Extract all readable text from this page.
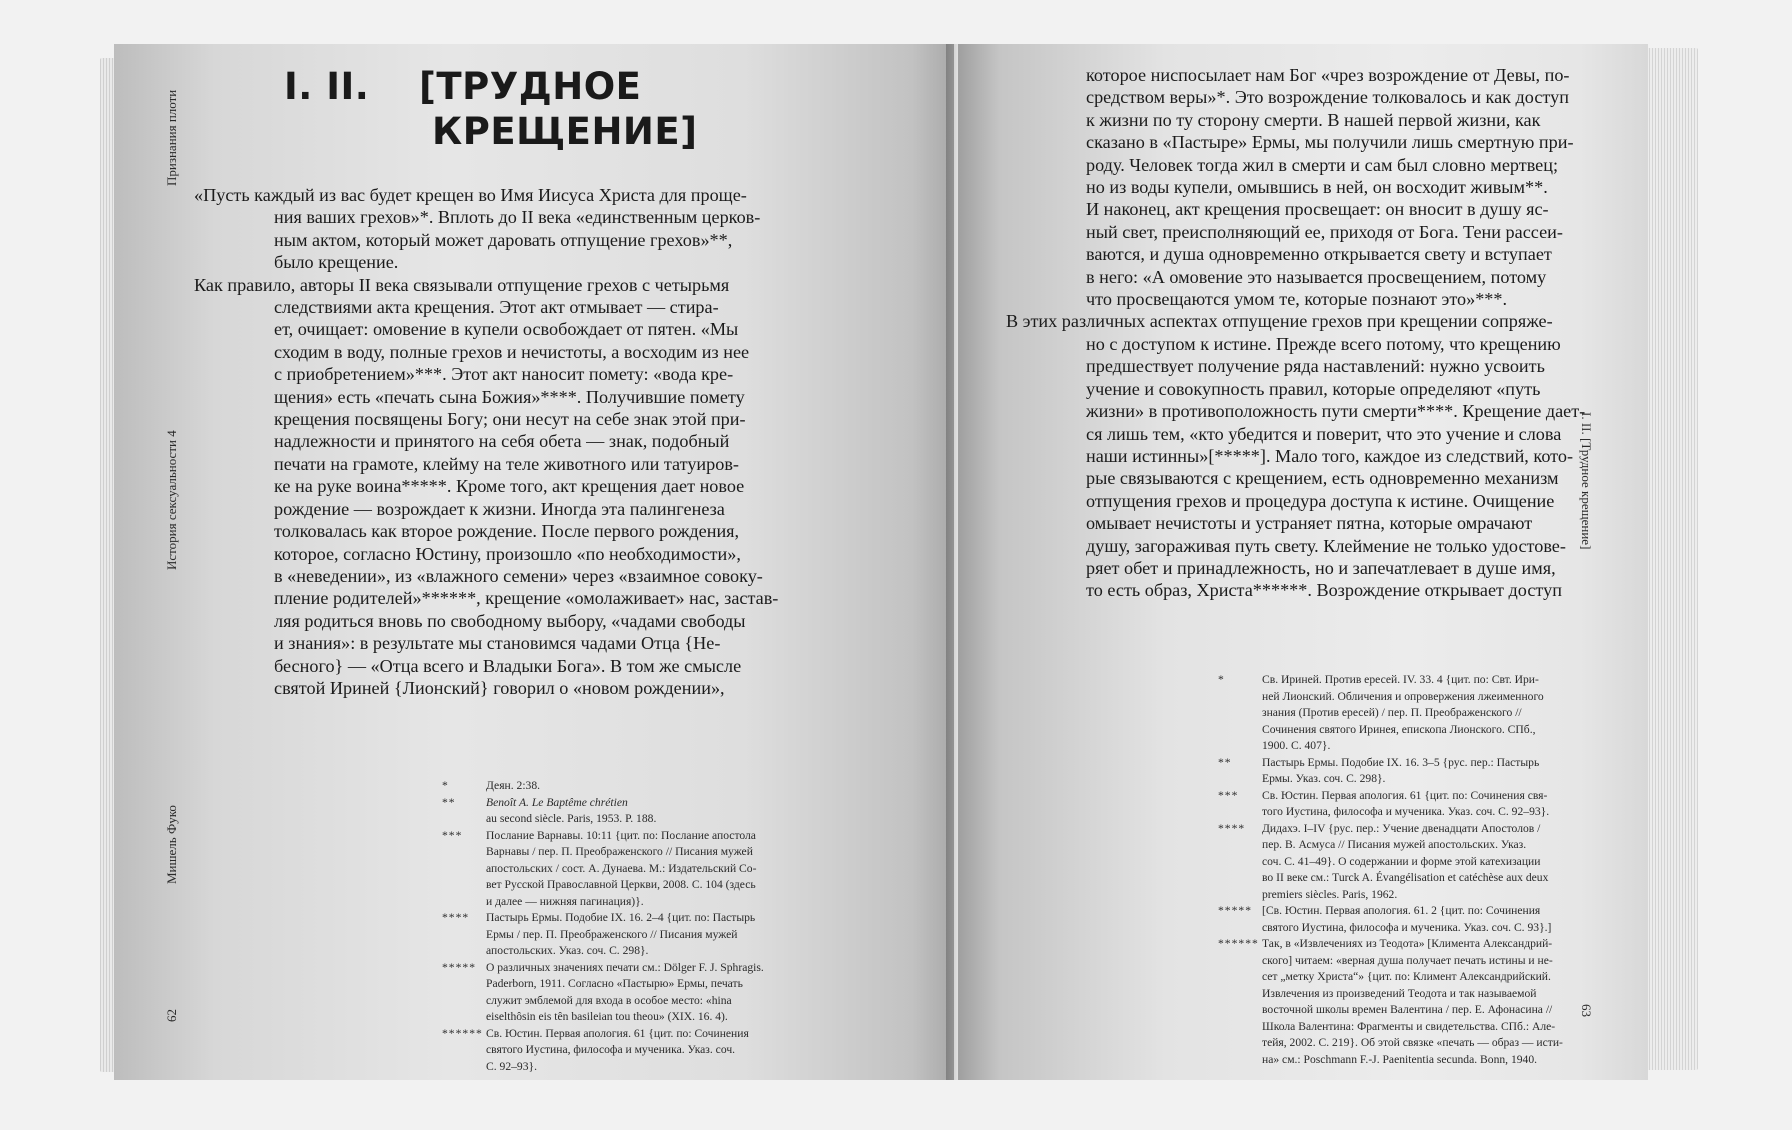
Признания плоти
История сексуальности 4
Мишель Фуко
62
I. II. [ТРУДНОЕ
КРЕЩЕНИЕ]
«Пусть каждый из вас будет крещен во Имя Иисуса Христа для проще-
ния ваших грехов»*. Вплоть до II века «единственным церков-
ным актом, который может даровать отпущение грехов»**,
было крещение.
Как правило, авторы II века связывали отпущение грехов с четырьмя
следствиями акта крещения. Этот акт отмывает — стира-
ет, очищает: омовение в купели освобождает от пятен. «Мы
сходим в воду, полные грехов и нечистоты, а восходим из нее
с приобретением»***. Этот акт наносит помету: «вода кре-
щения» есть «печать сына Божия»****. Получившие помету
крещения посвящены Богу; они несут на себе знак этой при-
надлежности и принятого на себя обета — знак, подобный
печати на грамоте, клейму на теле животного или татуиров-
ке на руке воина*****. Кроме того, акт крещения дает новое
рождение — возрождает к жизни. Иногда эта палингенеза
толковалась как второе рождение. После первого рождения,
которое, согласно Юстину, произошло «по необходимости»,
в «неведении», из «влажного семени» через «взаимное совоку-
пление родителей»******, крещение «омолаживает» нас, застав-
ляя родиться вновь по свободному выбору, «чадами свободы
и знания»: в результате мы становимся чадами Отца {Не-
бесного} — «Отца всего и Владыки Бога». В том же смысле
святой Ириней {Лионский} говорил о «новом рождении»,
*	Деян. 2:38.
**	Benoît A. Le Baptême chrétien
au second siècle. Paris, 1953. P. 188.
***	Послание Варнавы. 10:11 {цит. по: Послание апостола
Варнавы / пер. П. Преображенского // Писания мужей
апостольских / сост. А. Дунаева. М.: Издательский Со-
вет Русской Православной Церкви, 2008. С. 104 (здесь
и далее — нижняя пагинация)}.
****	Пастырь Ермы. Подобие IX. 16. 2–4 {цит. по: Пастырь
Ермы / пер. П. Преображенского // Писания мужей
апостольских. Указ. соч. С. 298}.
***** О различных значениях печати см.: Dölger F. J. Sphragis.
Paderborn, 1911. Согласно «Пастырю» Ермы, печать
служит эмблемой для входа в особое место: «hina
eiselthôsin eis tên basileian tou theou» (XIX. 16. 4).
****** Св. Юстин. Первая апология. 61 {цит. по: Сочинения
святого Иустина, философа и мученика. Указ. соч.
С. 92–93}.
I. II. [Трудное крещение]
63
которое ниспосылает нам Бог «чрез возрождение от Девы, по-
средством веры»*. Это возрождение толковалось и как доступ
к жизни по ту сторону смерти. В нашей первой жизни, как
сказано в «Пастыре» Ермы, мы получили лишь смертную при-
роду. Человек тогда жил в смерти и сам был словно мертвец;
но из воды купели, омывшись в ней, он восходит живым**.
И наконец, акт крещения просвещает: он вносит в душу яс-
ный свет, преисполняющий ее, приходя от Бога. Тени рассеи-
ваются, и душа одновременно открывается свету и вступает
в него: «А омовение это называется просвещением, потому
что просвещаются умом те, которые познают это»***.
В этих различных аспектах отпущение грехов при крещении сопряже-
но с доступом к истине. Прежде всего потому, что крещению
предшествует получение ряда наставлений: нужно усвоить
учение и совокупность правил, которые определяют «путь
жизни» в противоположность пути смерти****. Крещение дает-
ся лишь тем, «кто убедится и поверит, что это учение и слова
наши истинны»[*****]. Мало того, каждое из следствий, кото-
рые связываются с крещением, есть одновременно механизм
отпущения грехов и процедура доступа к истине. Очищение
омывает нечистоты и устраняет пятна, которые омрачают
душу, загораживая путь свету. Клеймение не только удостове-
ряет обет и принадлежность, но и запечатлевает в душе имя,
то есть образ, Христа******. Возрождение открывает доступ
*	Св. Ириней. Против ересей. IV. 33. 4 {цит. по: Свт. Ири-
ней Лионский. Обличения и опровержения лжеименного
знания (Против ересей) / пер. П. Преображенского //
Сочинения святого Иринея, епископа Лионского. СПб.,
1900. С. 407}.
**	Пастырь Ермы. Подобие IX. 16. 3–5 {рус. пер.: Пастырь
Ермы. Указ. соч. С. 298}.
***	Св. Юстин. Первая апология. 61 {цит. по: Сочинения свя-
того Иустина, философа и мученика. Указ. соч. С. 92–93}.
****	Дидахэ. I–IV {рус. пер.: Учение двенадцати Апостолов /
пер. В. Асмуса // Писания мужей апостольских. Указ.
соч. С. 41–49}. О содержании и форме этой катехизации
во II веке см.: Turck A. Évangélisation et catéchèse aux deux
premiers siècles. Paris, 1962.
***** [Св. Юстин. Первая апология. 61. 2 {цит. по: Сочинения
святого Иустина, философа и мученика. Указ. соч. С. 93}.]
****** Так, в «Извлечениях из Теодота» [Климента Александрий-
ского] читаем: «верная душа получает печать истины и не-
сет „метку Христа“» {цит. по: Климент Александрийский.
Извлечения из произведений Теодота и так называемой
восточной школы времен Валентина / пер. Е. Афонасина //
Школа Валентина: Фрагменты и свидетельства. СПб.: Але-
тейя, 2002. С. 219}. Об этой связке «печать — образ — исти-
на» см.: Poschmann F.-J. Paenitentia secunda. Bonn, 1940.
